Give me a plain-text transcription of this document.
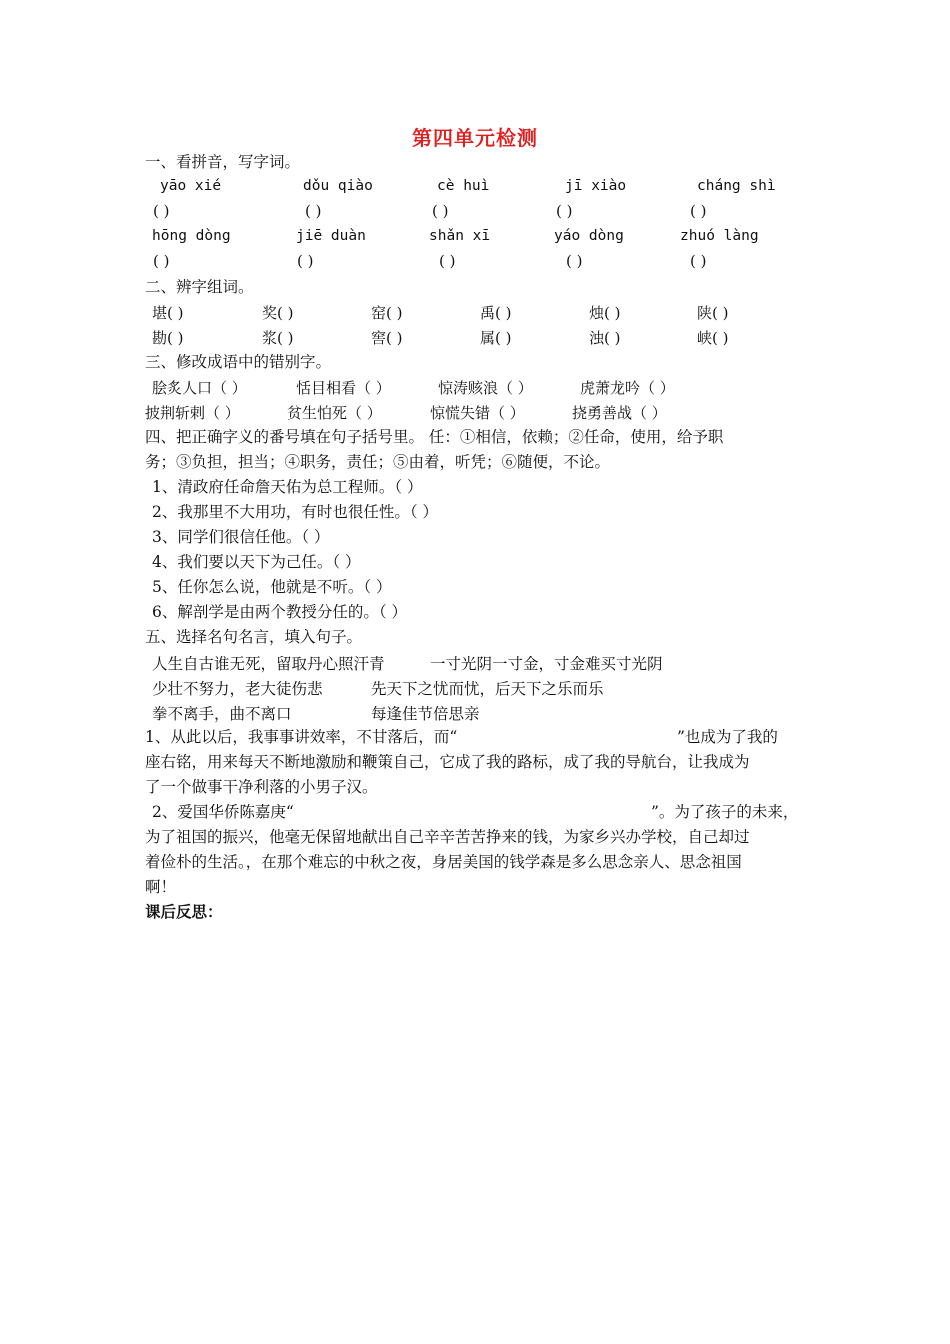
第四单元检测
一、看拼音，写字词。
yāo xié	dǒu qiào	cè huì	jī xiào	cháng shì
( )	( )	( )	( )	( )
hōng dòng	jiē duàn	shǎn xī	yáo dòng	zhuó làng
( )	( )	( )	( )	( )
二、辨字组词。
堪( )	奖( )	窑( )	禹( )	烛( )	陕( )
勘( )	浆( )	窖( )	属( )	浊( )	峡( )
三、修改成语中的错别字。
脍炙人口（ ）	恬目相看（ ）	惊涛赅浪（ ）	虎萧龙吟（ ）
披荆斩剌（ ）	贫生怕死（ ）	惊慌失错（ ）	挠勇善战（ ）
四、把正确字义的番号填在句子括号里。 任：①相信，依赖；②任命，使用，给予职
务；③负担，担当；④职务，责任；⑤由着，听凭；⑥随便，不论。
1、清政府任命詹天佑为总工程师。（ ）
2、我那里不大用功，有时也很任性。（ ）
3、同学们很信任他。（ ）
4、我们要以天下为己任。（ ）
5、任你怎么说，他就是不听。（ ）
6、解剖学是由两个教授分任的。（ ）
五、选择名句名言，填入句子。
人生自古谁无死，留取丹心照汗青	一寸光阴一寸金，寸金难买寸光阴
少壮不努力，老大徒伤悲	先天下之忧而忧，后天下之乐而乐
拳不离手，曲不离口	每逢佳节倍思亲
1、从此以后，我事事讲效率，不甘落后，而“	”也成为了我的
座右铭，用来每天不断地激励和鞭策自己，它成了我的路标，成了我的导航台，让我成为
了一个做事干净利落的小男子汉。
2、爱国华侨陈嘉庚“	”。为了孩子的未来，
为了祖国的振兴，他毫无保留地献出自己辛辛苦苦挣来的钱，为家乡兴办学校，自己却过
着俭朴的生活。，在那个难忘的中秋之夜，身居美国的钱学森是多么思念亲人、思念祖国
啊！
课后反思：
